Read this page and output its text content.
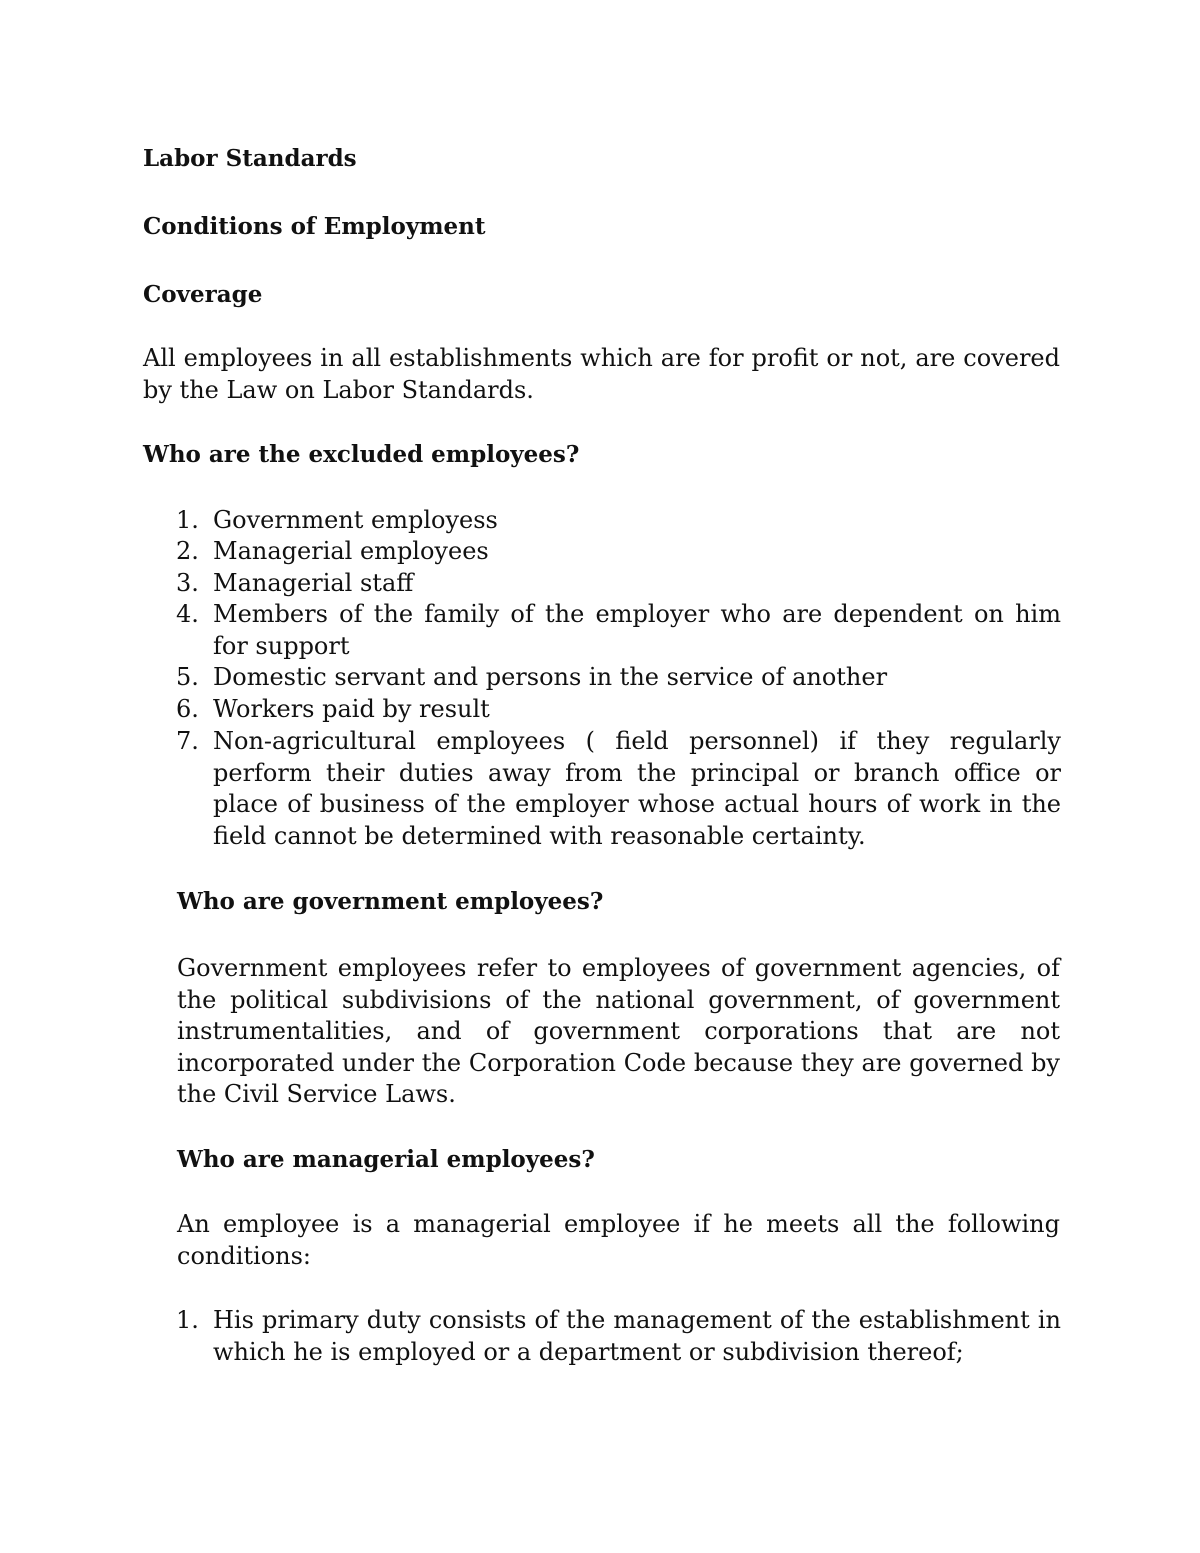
Labor Standards
Conditions of Employment
Coverage

All employees in all establishments which are for profit or not, are covered by the Law on Labor Standards.

Who are the excluded employees?
1. Government employess
2. Managerial employees
3. Managerial staff
4. Members of the family of the employer who are dependent on him for support
5. Domestic servant and persons in the service of another
6. Workers paid by result
7. Non-agricultural employees ( field personnel) if they regularly perform their duties away from the principal or branch office or place of business of the employer whose actual hours of work in the field cannot be determined with reasonable certainty.
Who are government employees?

Government employees refer to employees of government agencies, of the political subdivisions of the national government, of government instrumentalities, and of government corporations that are not incorporated under the Corporation Code because they are governed by the Civil Service Laws.

Who are managerial employees?

An employee is a managerial employee if he meets all the following conditions:

1. His primary duty consists of the management of the establishment in which he is employed or a department or subdivision thereof;
